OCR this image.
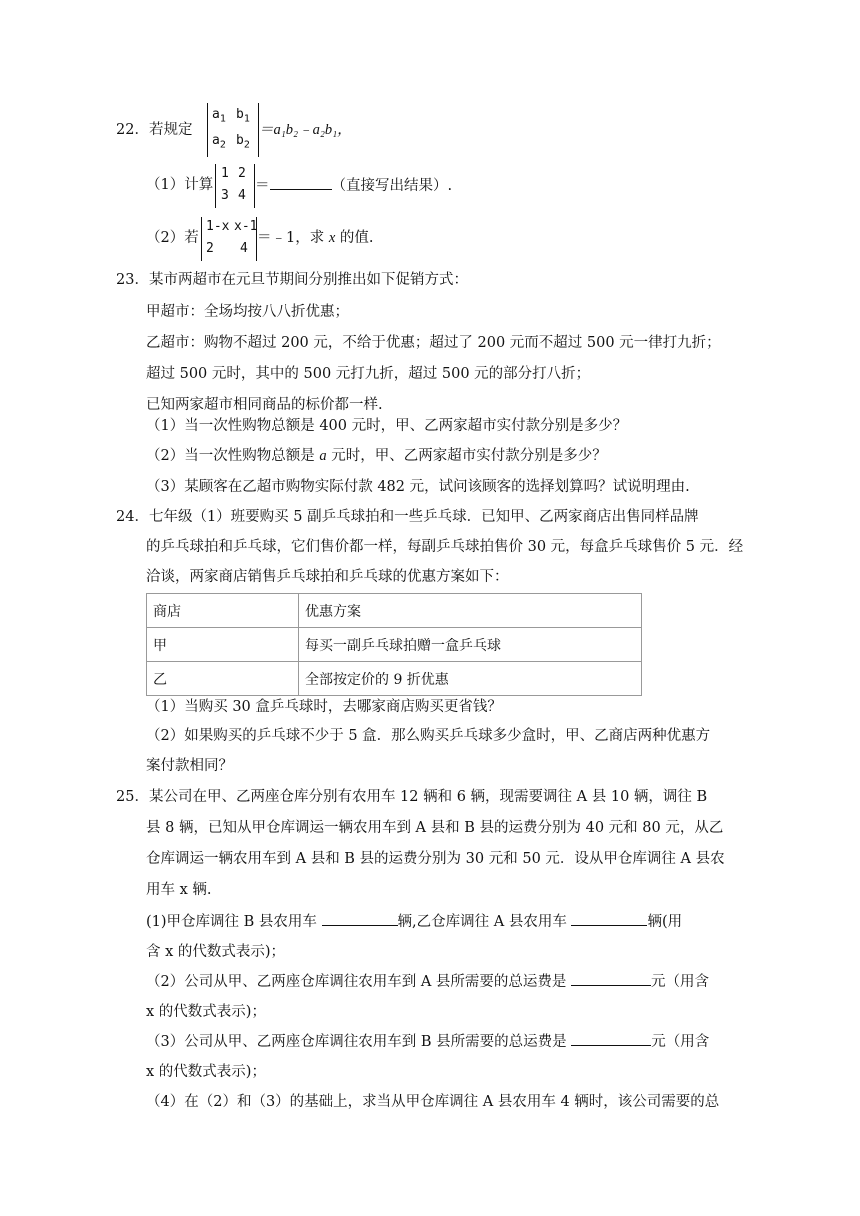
22．若规定
$a_1$ $b_1$
$a_2$ $b_2$
＝a₁b₂﹣a₂b₁，
（1）计算
1 2
3 4
＝	（直接写出结果）.
（2）若
1-x x-1
2 4
＝﹣1，求 x 的值.
23．某市两超市在元旦节期间分别推出如下促销方式：
甲超市：全场均按八八折优惠；
乙超市：购物不超过 200 元，不给于优惠；超过了 200 元而不超过 500 元一律打九折；
超过 500 元时，其中的 500 元打九折，超过 500 元的部分打八折；
已知两家超市相同商品的标价都一样.
（1）当一次性购物总额是 400 元时，甲、乙两家超市实付款分别是多少？
（2）当一次性购物总额是 a 元时，甲、乙两家超市实付款分别是多少？
（3）某顾客在乙超市购物实际付款 482 元，试问该顾客的选择划算吗？试说明理由.
24．七年级（1）班要购买 5 副乒乓球拍和一些乒乓球．已知甲、乙两家商店出售同样品牌
的乒乓球拍和乒乓球，它们售价都一样，每副乒乓球拍售价 30 元，每盒乒乓球售价 5 元．经
洽谈，两家商店销售乒乓球拍和乒乓球的优惠方案如下：
商店	优惠方案
甲	每买一副乒乓球拍赠一盒乒乓球
乙	全部按定价的 9 折优惠
（1）当购买 30 盒乒乓球时，去哪家商店购买更省钱？
（2）如果购买的乒乓球不少于 5 盒．那么购买乒乓球多少盒时，甲、乙商店两种优惠方
案付款相同？
25．某公司在甲、乙两座仓库分别有农用车 12 辆和 6 辆，现需要调往 A 县 10 辆，调往 B
县 8 辆，已知从甲仓库调运一辆农用车到 A 县和 B 县的运费分别为 40 元和 80 元，从乙
仓库调运一辆农用车到 A 县和 B 县的运费分别为 30 元和 50 元．设从甲仓库调往 A 县农
用车 x 辆.
(1)甲仓库调往 B 县农用车	辆,乙仓库调往 A 县农用车	辆(用
含 x 的代数式表示)；
（2）公司从甲、乙两座仓库调往农用车到 A 县所需要的总运费是	元（用含
x 的代数式表示)；
（3）公司从甲、乙两座仓库调往农用车到 B 县所需要的总运费是	元（用含
x 的代数式表示)；
（4）在（2）和（3）的基础上，求当从甲仓库调往 A 县农用车 4 辆时，该公司需要的总
